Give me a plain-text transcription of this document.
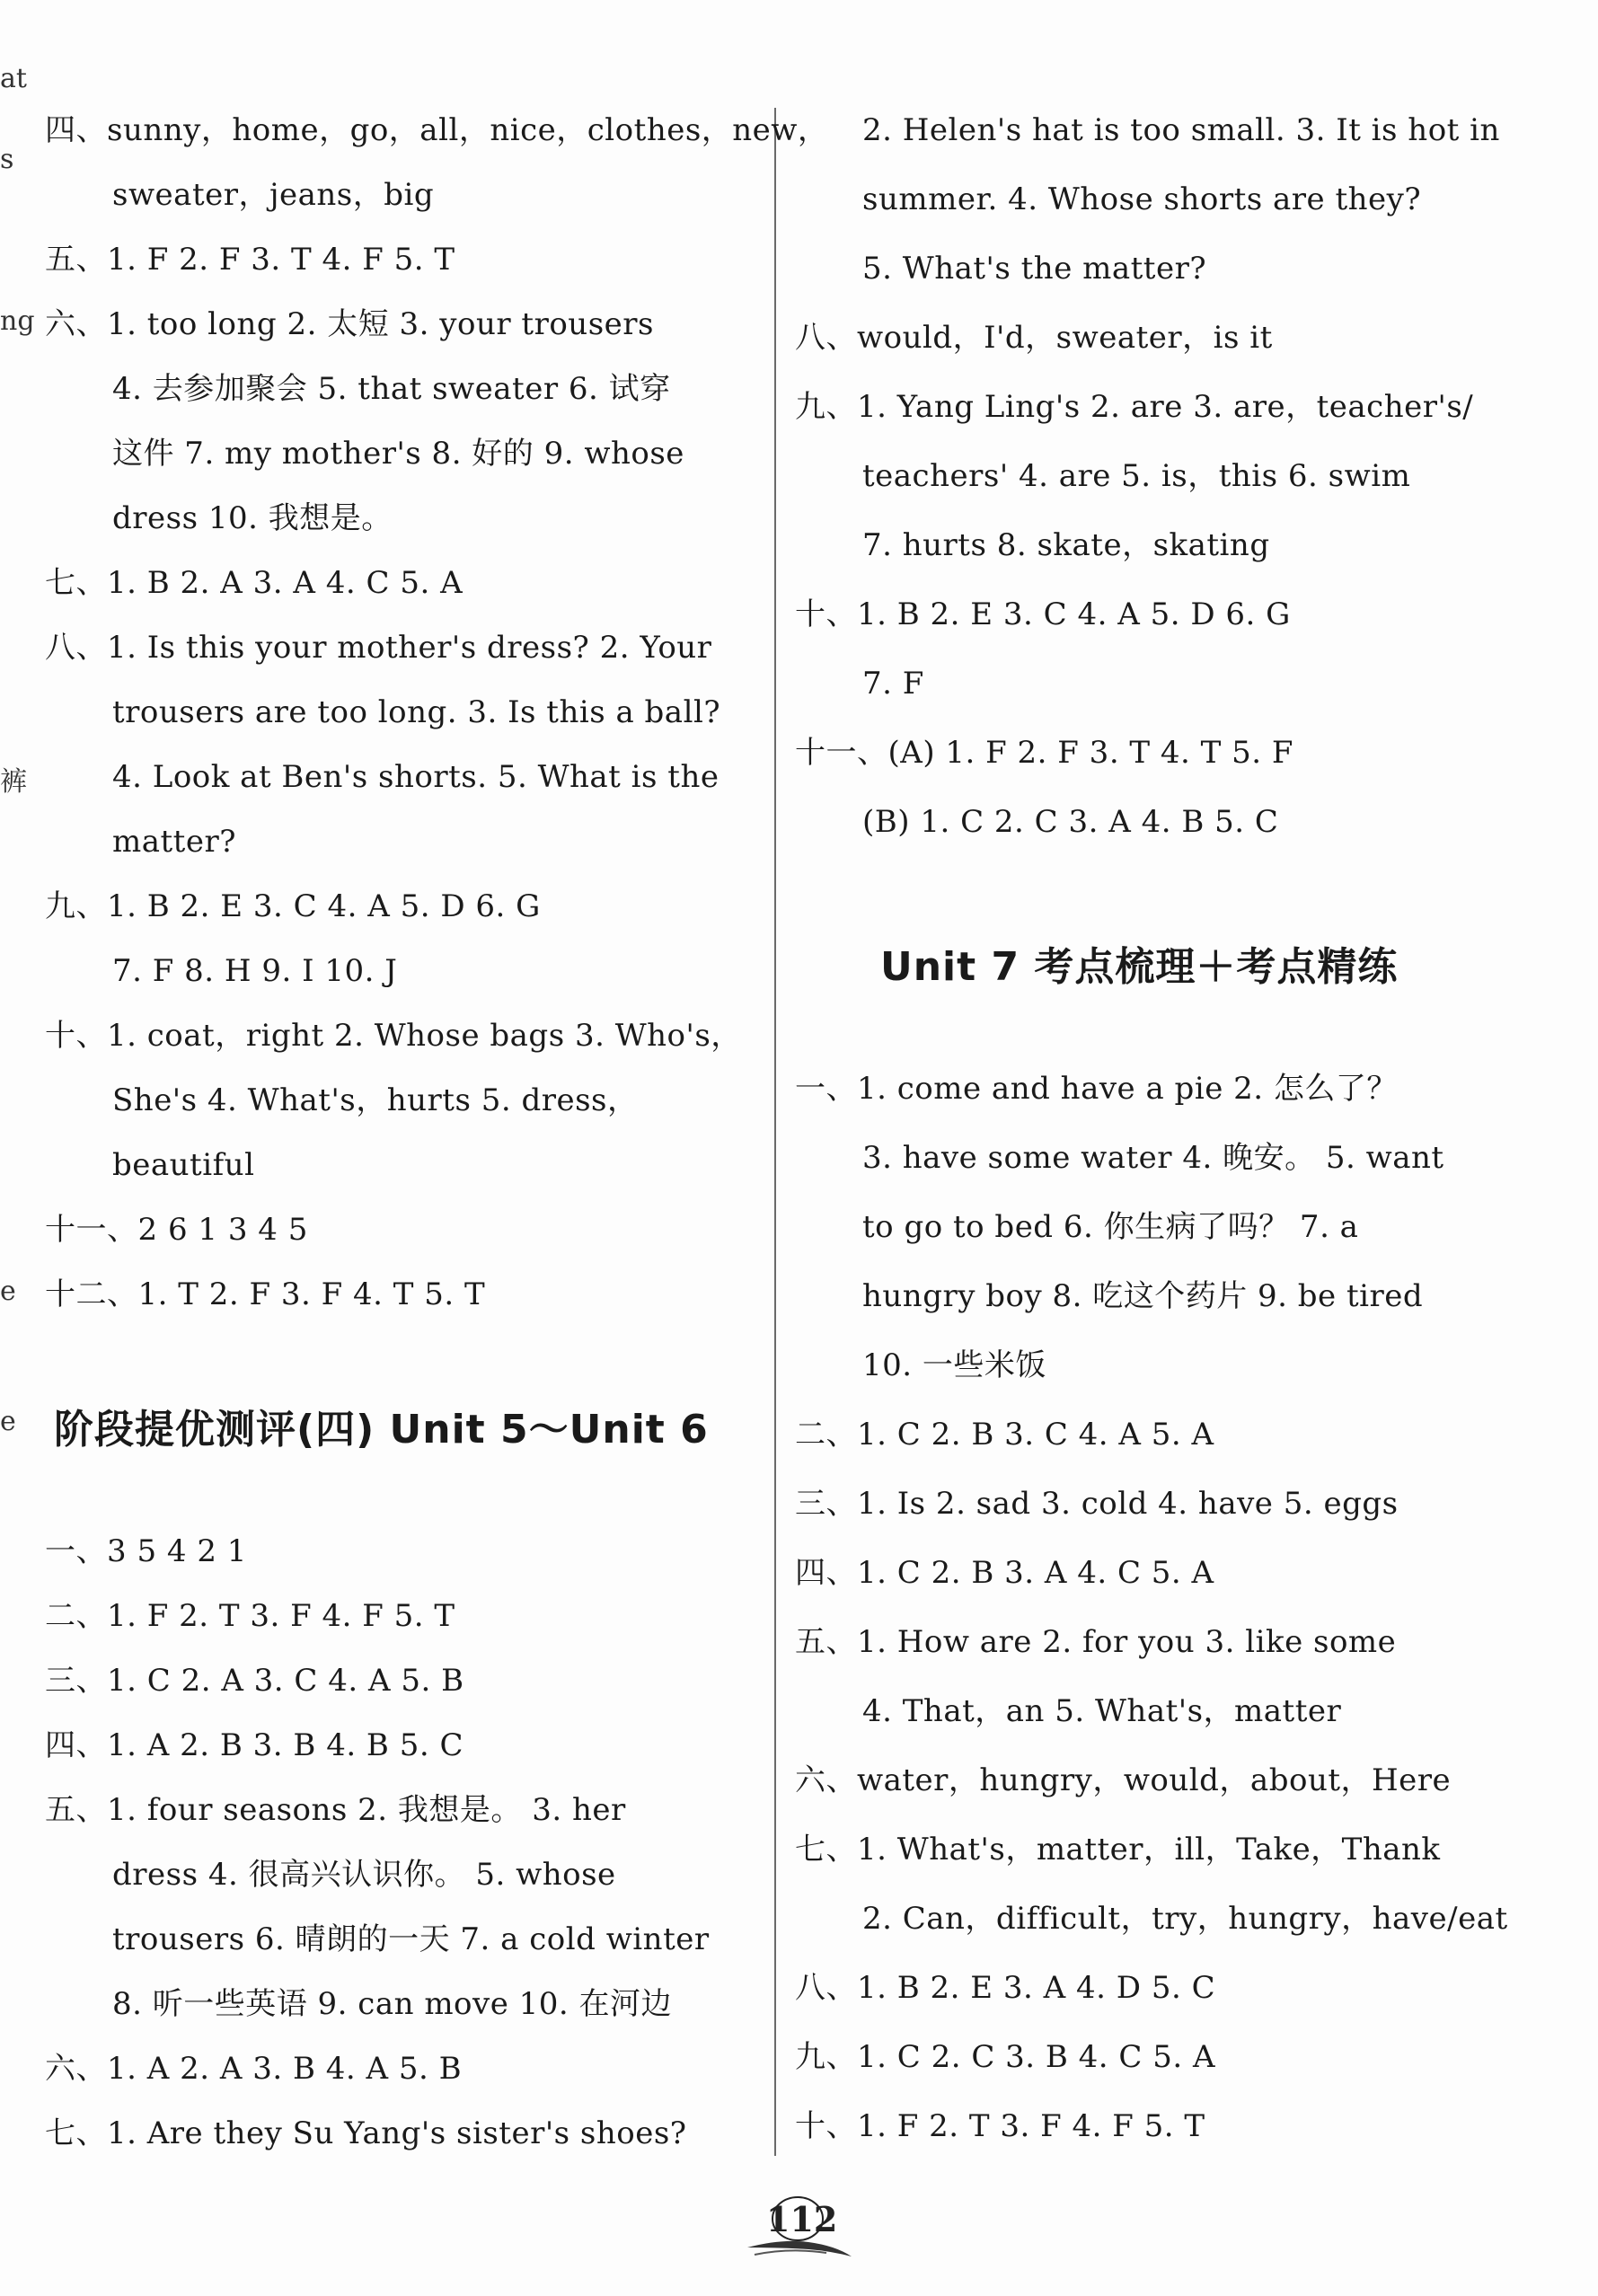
at
s
ng
裤
e
e
四、sunny，home，go，all，nice，clothes，new，
sweater，jeans，big
五、1. F 2. F 3. T 4. F 5. T
六、1. too long 2. 太短 3. your trousers
4. 去参加聚会 5. that sweater 6. 试穿
这件 7. my mother's 8. 好的 9. whose
dress 10. 我想是。
七、1. B 2. A 3. A 4. C 5. A
八、1. Is this your mother's dress? 2. Your
trousers are too long. 3. Is this a ball?
4. Look at Ben's shorts. 5. What is the
matter?
九、1. B 2. E 3. C 4. A 5. D 6. G
7. F 8. H 9. I 10. J
十、1. coat，right 2. Whose bags 3. Who's，
She's 4. What's，hurts 5. dress，
beautiful
十一、2 6 1 3 4 5
十二、1. T 2. F 3. F 4. T 5. T
阶段提优测评(四) Unit 5～Unit 6
一、3 5 4 2 1
二、1. F 2. T 3. F 4. F 5. T
三、1. C 2. A 3. C 4. A 5. B
四、1. A 2. B 3. B 4. B 5. C
五、1. four seasons 2. 我想是。 3. her
dress 4. 很高兴认识你。 5. whose
trousers 6. 晴朗的一天 7. a cold winter
8. 听一些英语 9. can move 10. 在河边
六、1. A 2. A 3. B 4. A 5. B
七、1. Are they Su Yang's sister's shoes?
2. Helen's hat is too small. 3. It is hot in
summer. 4. Whose shorts are they?
5. What's the matter?
八、would，I'd，sweater，is it
九、1. Yang Ling's 2. are 3. are，teacher's/
teachers' 4. are 5. is，this 6. swim
7. hurts 8. skate，skating
十、1. B 2. E 3. C 4. A 5. D 6. G
7. F
十一、(A) 1. F 2. F 3. T 4. T 5. F
(B) 1. C 2. C 3. A 4. B 5. C
Unit 7 考点梳理＋考点精练
一、1. come and have a pie 2. 怎么了？
3. have some water 4. 晚安。 5. want
to go to bed 6. 你生病了吗？ 7. a
hungry boy 8. 吃这个药片 9. be tired
10. 一些米饭
二、1. C 2. B 3. C 4. A 5. A
三、1. Is 2. sad 3. cold 4. have 5. eggs
四、1. C 2. B 3. A 4. C 5. A
五、1. How are 2. for you 3. like some
4. That，an 5. What's，matter
六、water，hungry，would，about，Here
七、1. What's，matter，ill，Take，Thank
2. Can，difficult，try，hungry，have/eat
八、1. B 2. E 3. A 4. D 5. C
九、1. C 2. C 3. B 4. C 5. A
十、1. F 2. T 3. F 4. F 5. T
112
